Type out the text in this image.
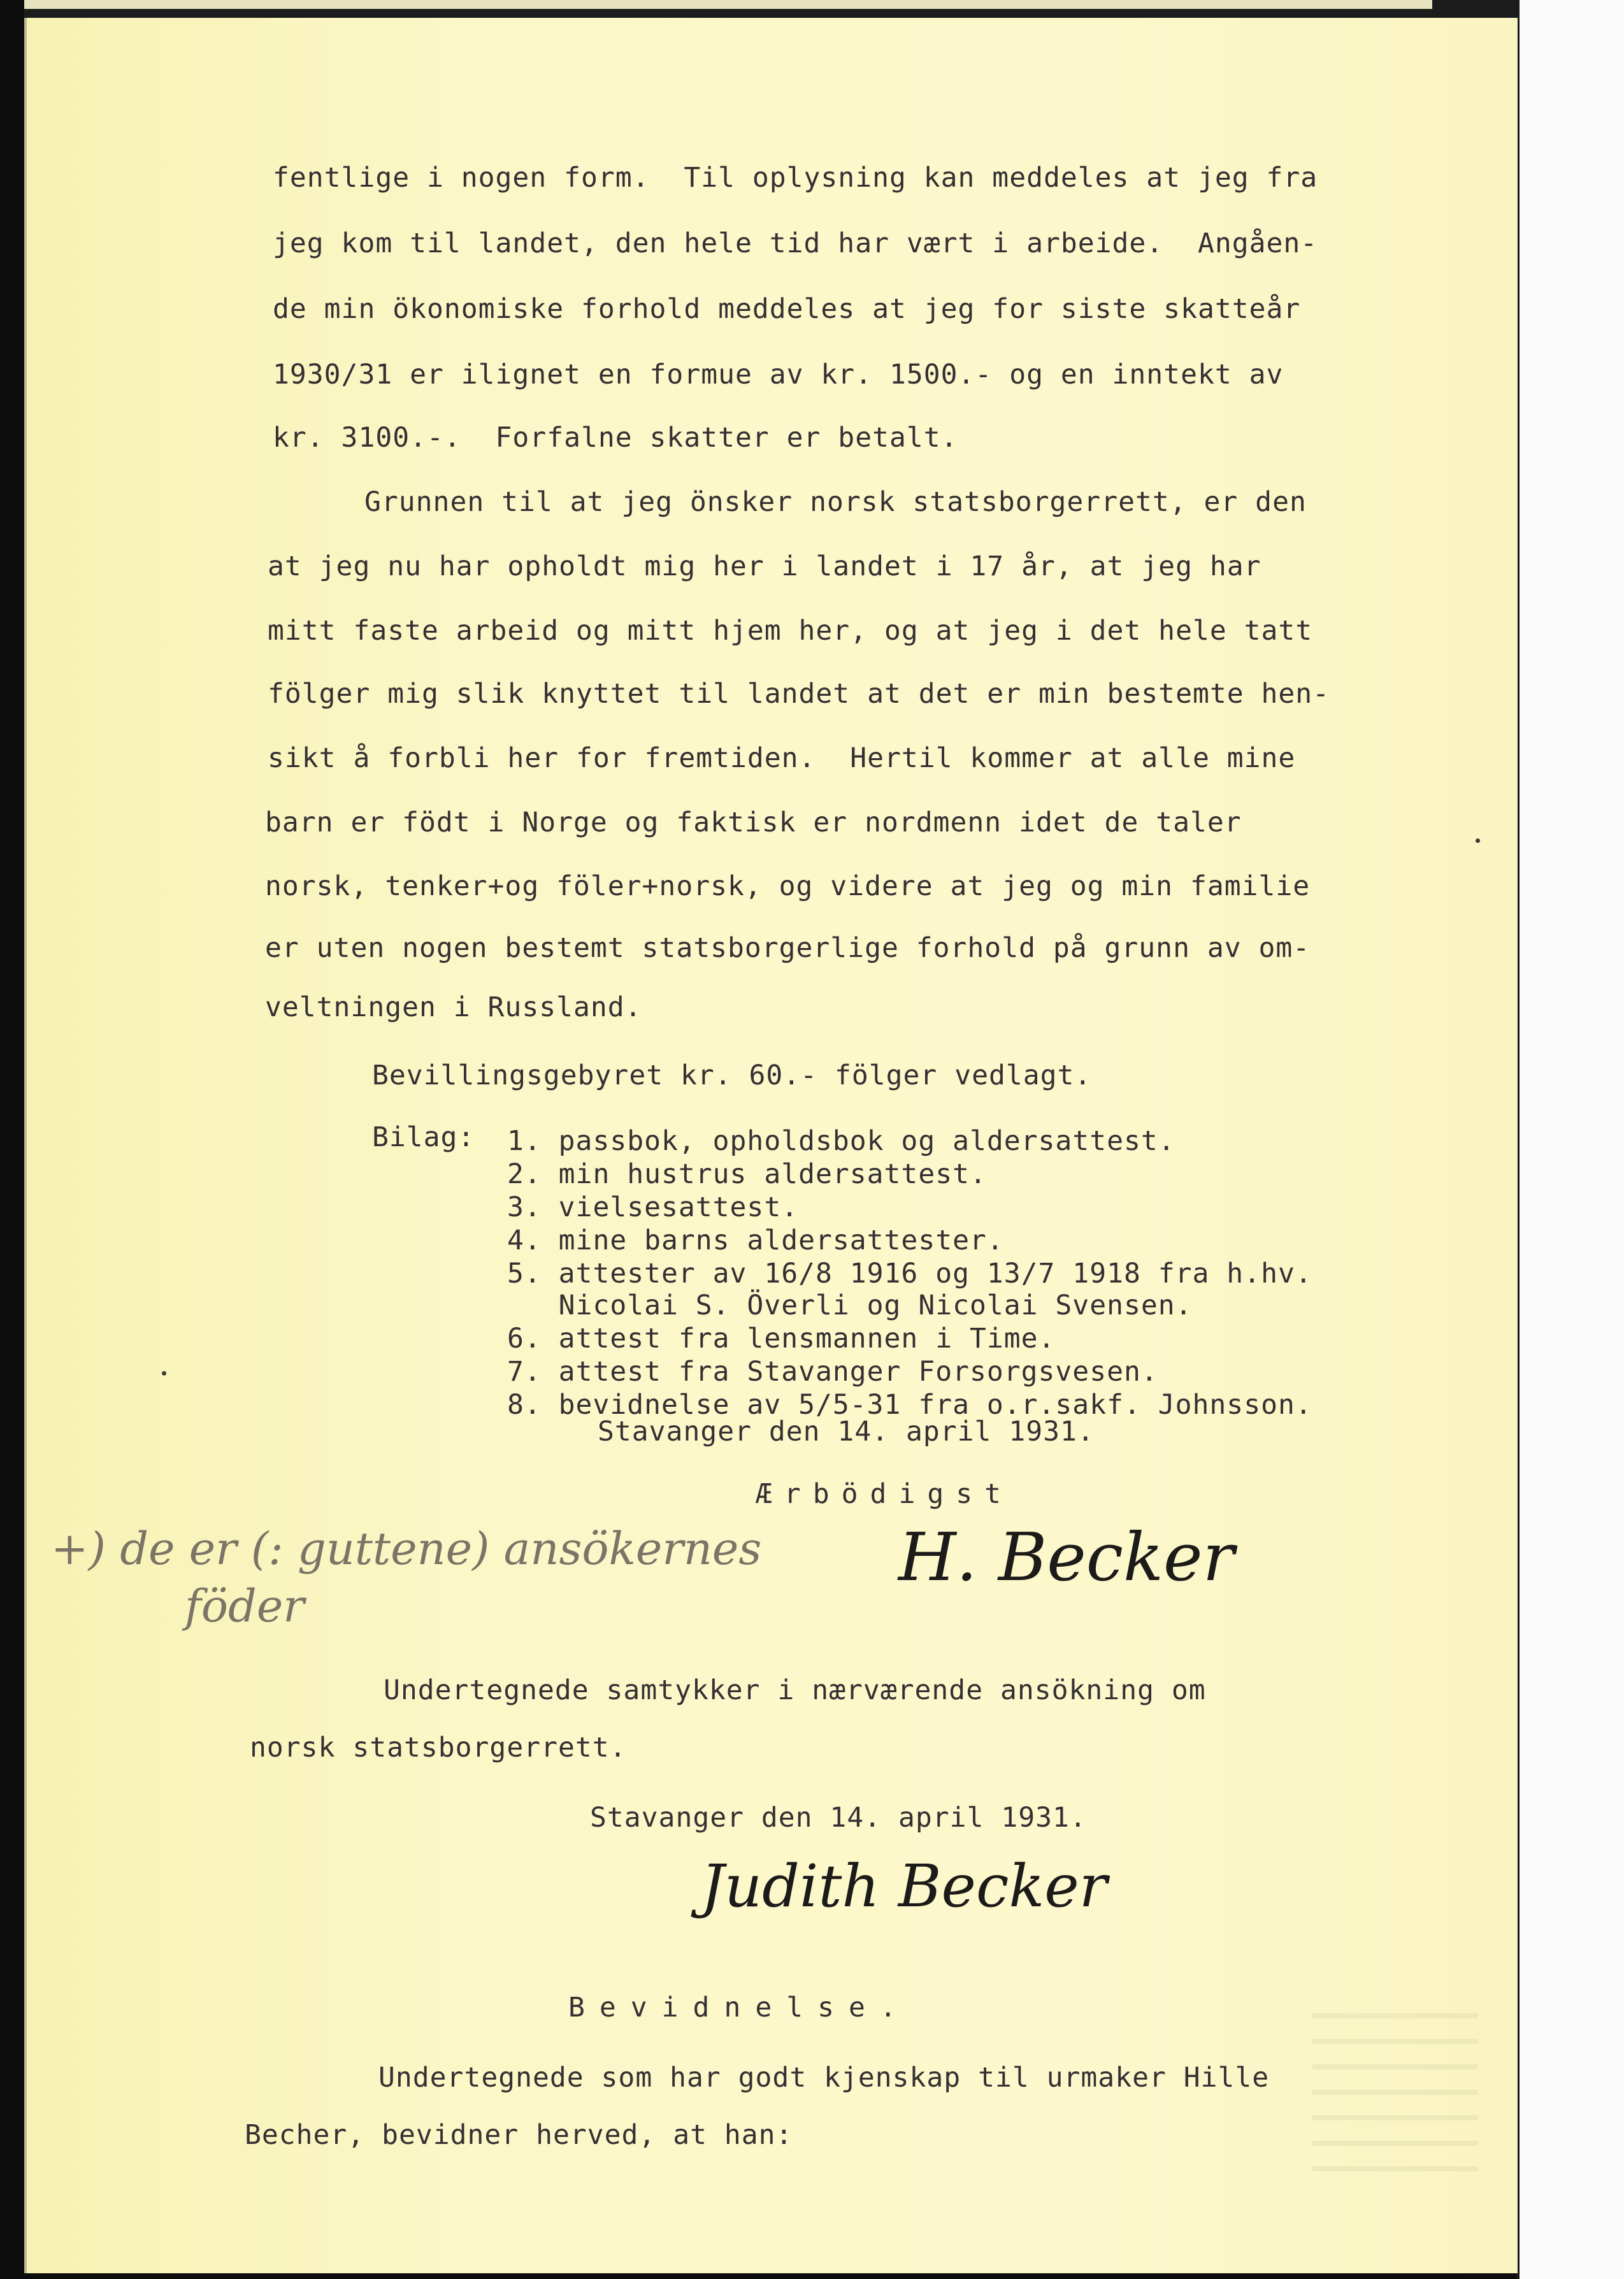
fentlige i nogen form.  Til oplysning kan meddeles at jeg fra
jeg kom til landet, den hele tid har vært i arbeide.  Angåen-
de min ökonomiske forhold meddeles at jeg for siste skatteår
1930/31 er ilignet en formue av kr. 1500.- og en inntekt av
kr. 3100.-.  Forfalne skatter er betalt.
Grunnen til at jeg önsker norsk statsborgerrett, er den
at jeg nu har opholdt mig her i landet i 17 år, at jeg har
mitt faste arbeid og mitt hjem her, og at jeg i det hele tatt
fölger mig slik knyttet til landet at det er min bestemte hen-
sikt å forbli her for fremtiden.  Hertil kommer at alle mine
barn er födt i Norge og faktisk er nordmenn idet de taler
norsk, tenker+og föler+norsk, og videre at jeg og min familie
er uten nogen bestemt statsborgerlige forhold på grunn av om-
veltningen i Russland.
Bevillingsgebyret kr. 60.- fölger vedlagt.
Bilag: 1. passbok, opholdsbok og aldersattest.
2. min hustrus aldersattest.
3. vielsesattest.
4. mine barns aldersattester.
5. attester av 16/8 1916 og 13/7 1918 fra h.hv.
Nicolai S. Överli og Nicolai Svensen.
6. attest fra lensmannen i Time.
7. attest fra Stavanger Forsorgsvesen.
8. bevidnelse av 5/5-31 fra o.r.sakf. Johnsson.
Stavanger den 14. april 1931.
Ærbödigst
H. Becker
+) de er (: guttene) ansökernes
föder
Undertegnede samtykker i nærværende ansökning om
norsk statsborgerrett.
Stavanger den 14. april 1931.
Judith Becker
Bevidnelse.
Undertegnede som har godt kjenskap til urmaker Hille
Becher, bevidner herved, at han:
